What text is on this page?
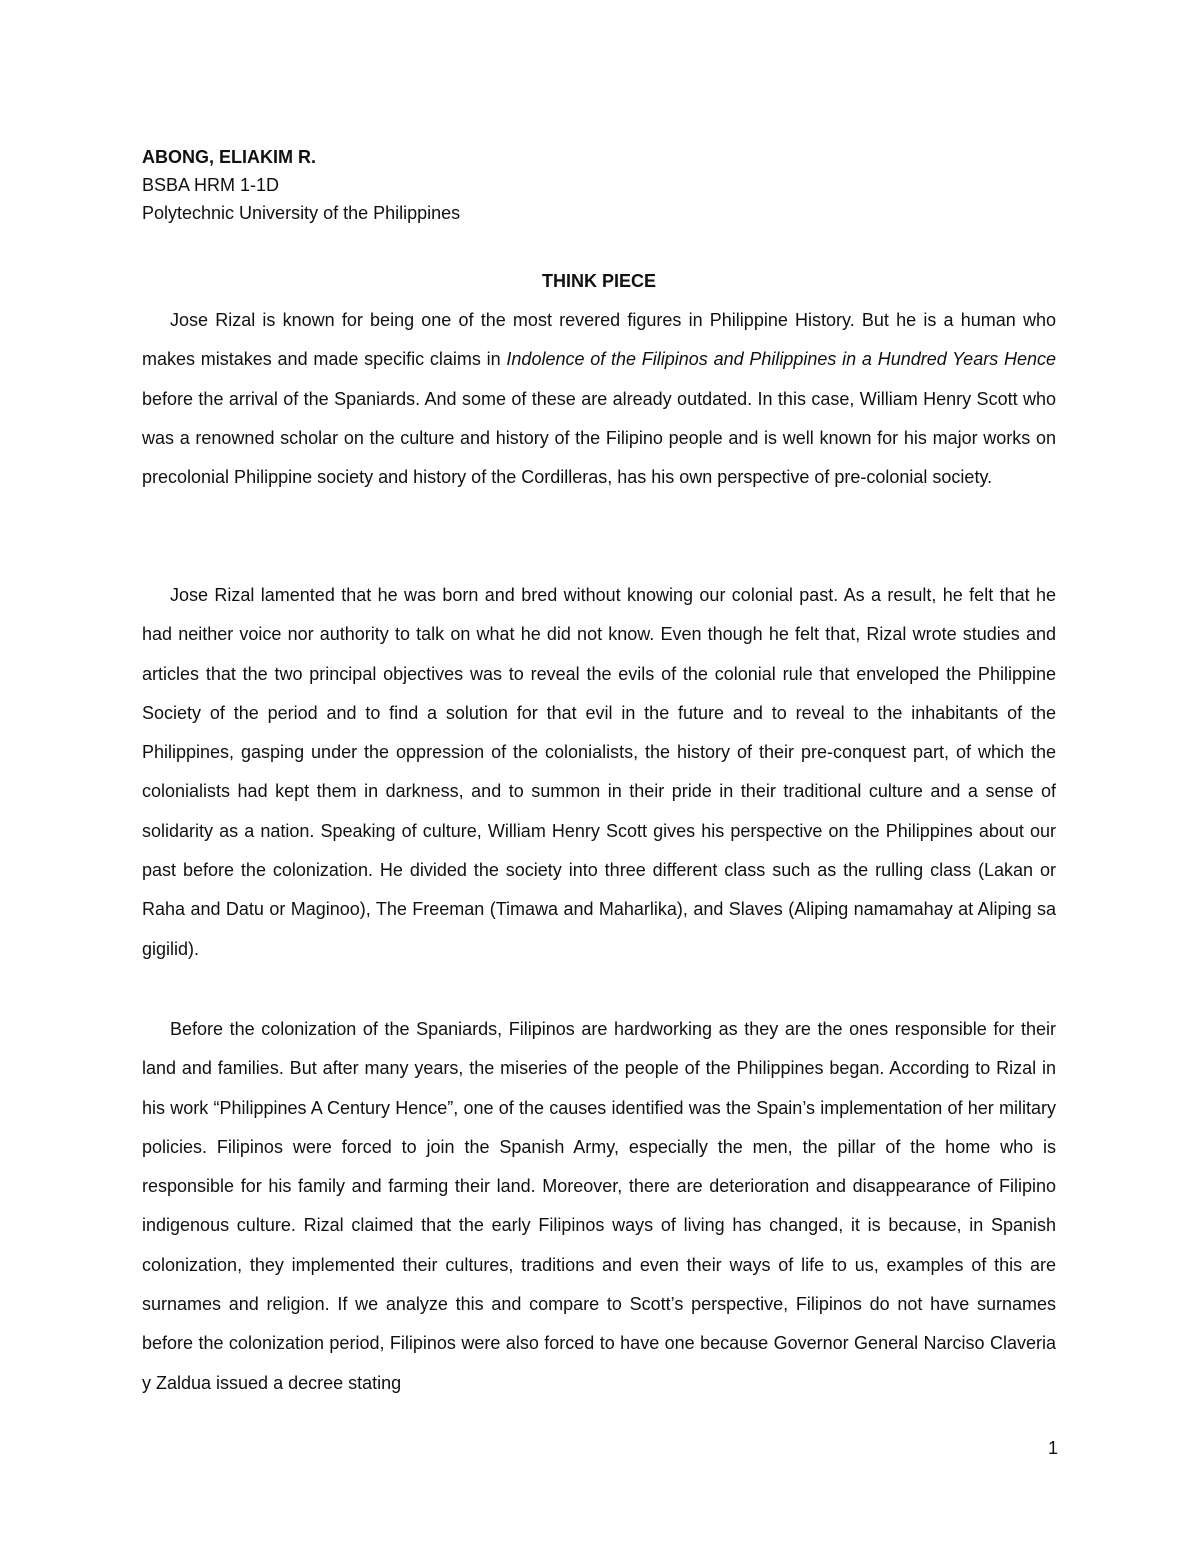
ABONG, ELIAKIM R.
BSBA HRM 1-1D
Polytechnic University of the Philippines
THINK PIECE

Jose Rizal is known for being one of the most revered figures in Philippine History. But he is a human who makes mistakes and made specific claims in Indolence of the Filipinos and Philippines in a Hundred Years Hence before the arrival of the Spaniards. And some of these are already outdated. In this case, William Henry Scott who was a renowned scholar on the culture and history of the Filipino people and is well known for his major works on precolonial Philippine society and history of the Cordilleras, has his own perspective of pre-colonial society.

Jose Rizal lamented that he was born and bred without knowing our colonial past. As a result, he felt that he had neither voice nor authority to talk on what he did not know. Even though he felt that, Rizal wrote studies and articles that the two principal objectives was to reveal the evils of the colonial rule that enveloped the Philippine Society of the period and to find a solution for that evil in the future and to reveal to the inhabitants of the Philippines, gasping under the oppression of the colonialists, the history of their pre-conquest part, of which the colonialists had kept them in darkness, and to summon in their pride in their traditional culture and a sense of solidarity as a nation. Speaking of culture, William Henry Scott gives his perspective on the Philippines about our past before the colonization. He divided the society into three different class such as the rulling class (Lakan or Raha and Datu or Maginoo), The Freeman (Timawa and Maharlika), and Slaves (Aliping namamahay at Aliping sa gigilid).

Before the colonization of the Spaniards, Filipinos are hardworking as they are the ones responsible for their land and families. But after many years, the miseries of the people of the Philippines began. According to Rizal in his work “Philippines A Century Hence”, one of the causes identified was the Spain’s implementation of her military policies. Filipinos were forced to join the Spanish Army, especially the men, the pillar of the home who is responsible for his family and farming their land. Moreover, there are deterioration and disappearance of Filipino indigenous culture. Rizal claimed that the early Filipinos ways of living has changed, it is because, in Spanish colonization, they implemented their cultures, traditions and even their ways of life to us, examples of this are surnames and religion. If we analyze this and compare to Scott’s perspective, Filipinos do not have surnames before the colonization period, Filipinos were also forced to have one because Governor General Narciso Claveria y Zaldua issued a decree stating

1
